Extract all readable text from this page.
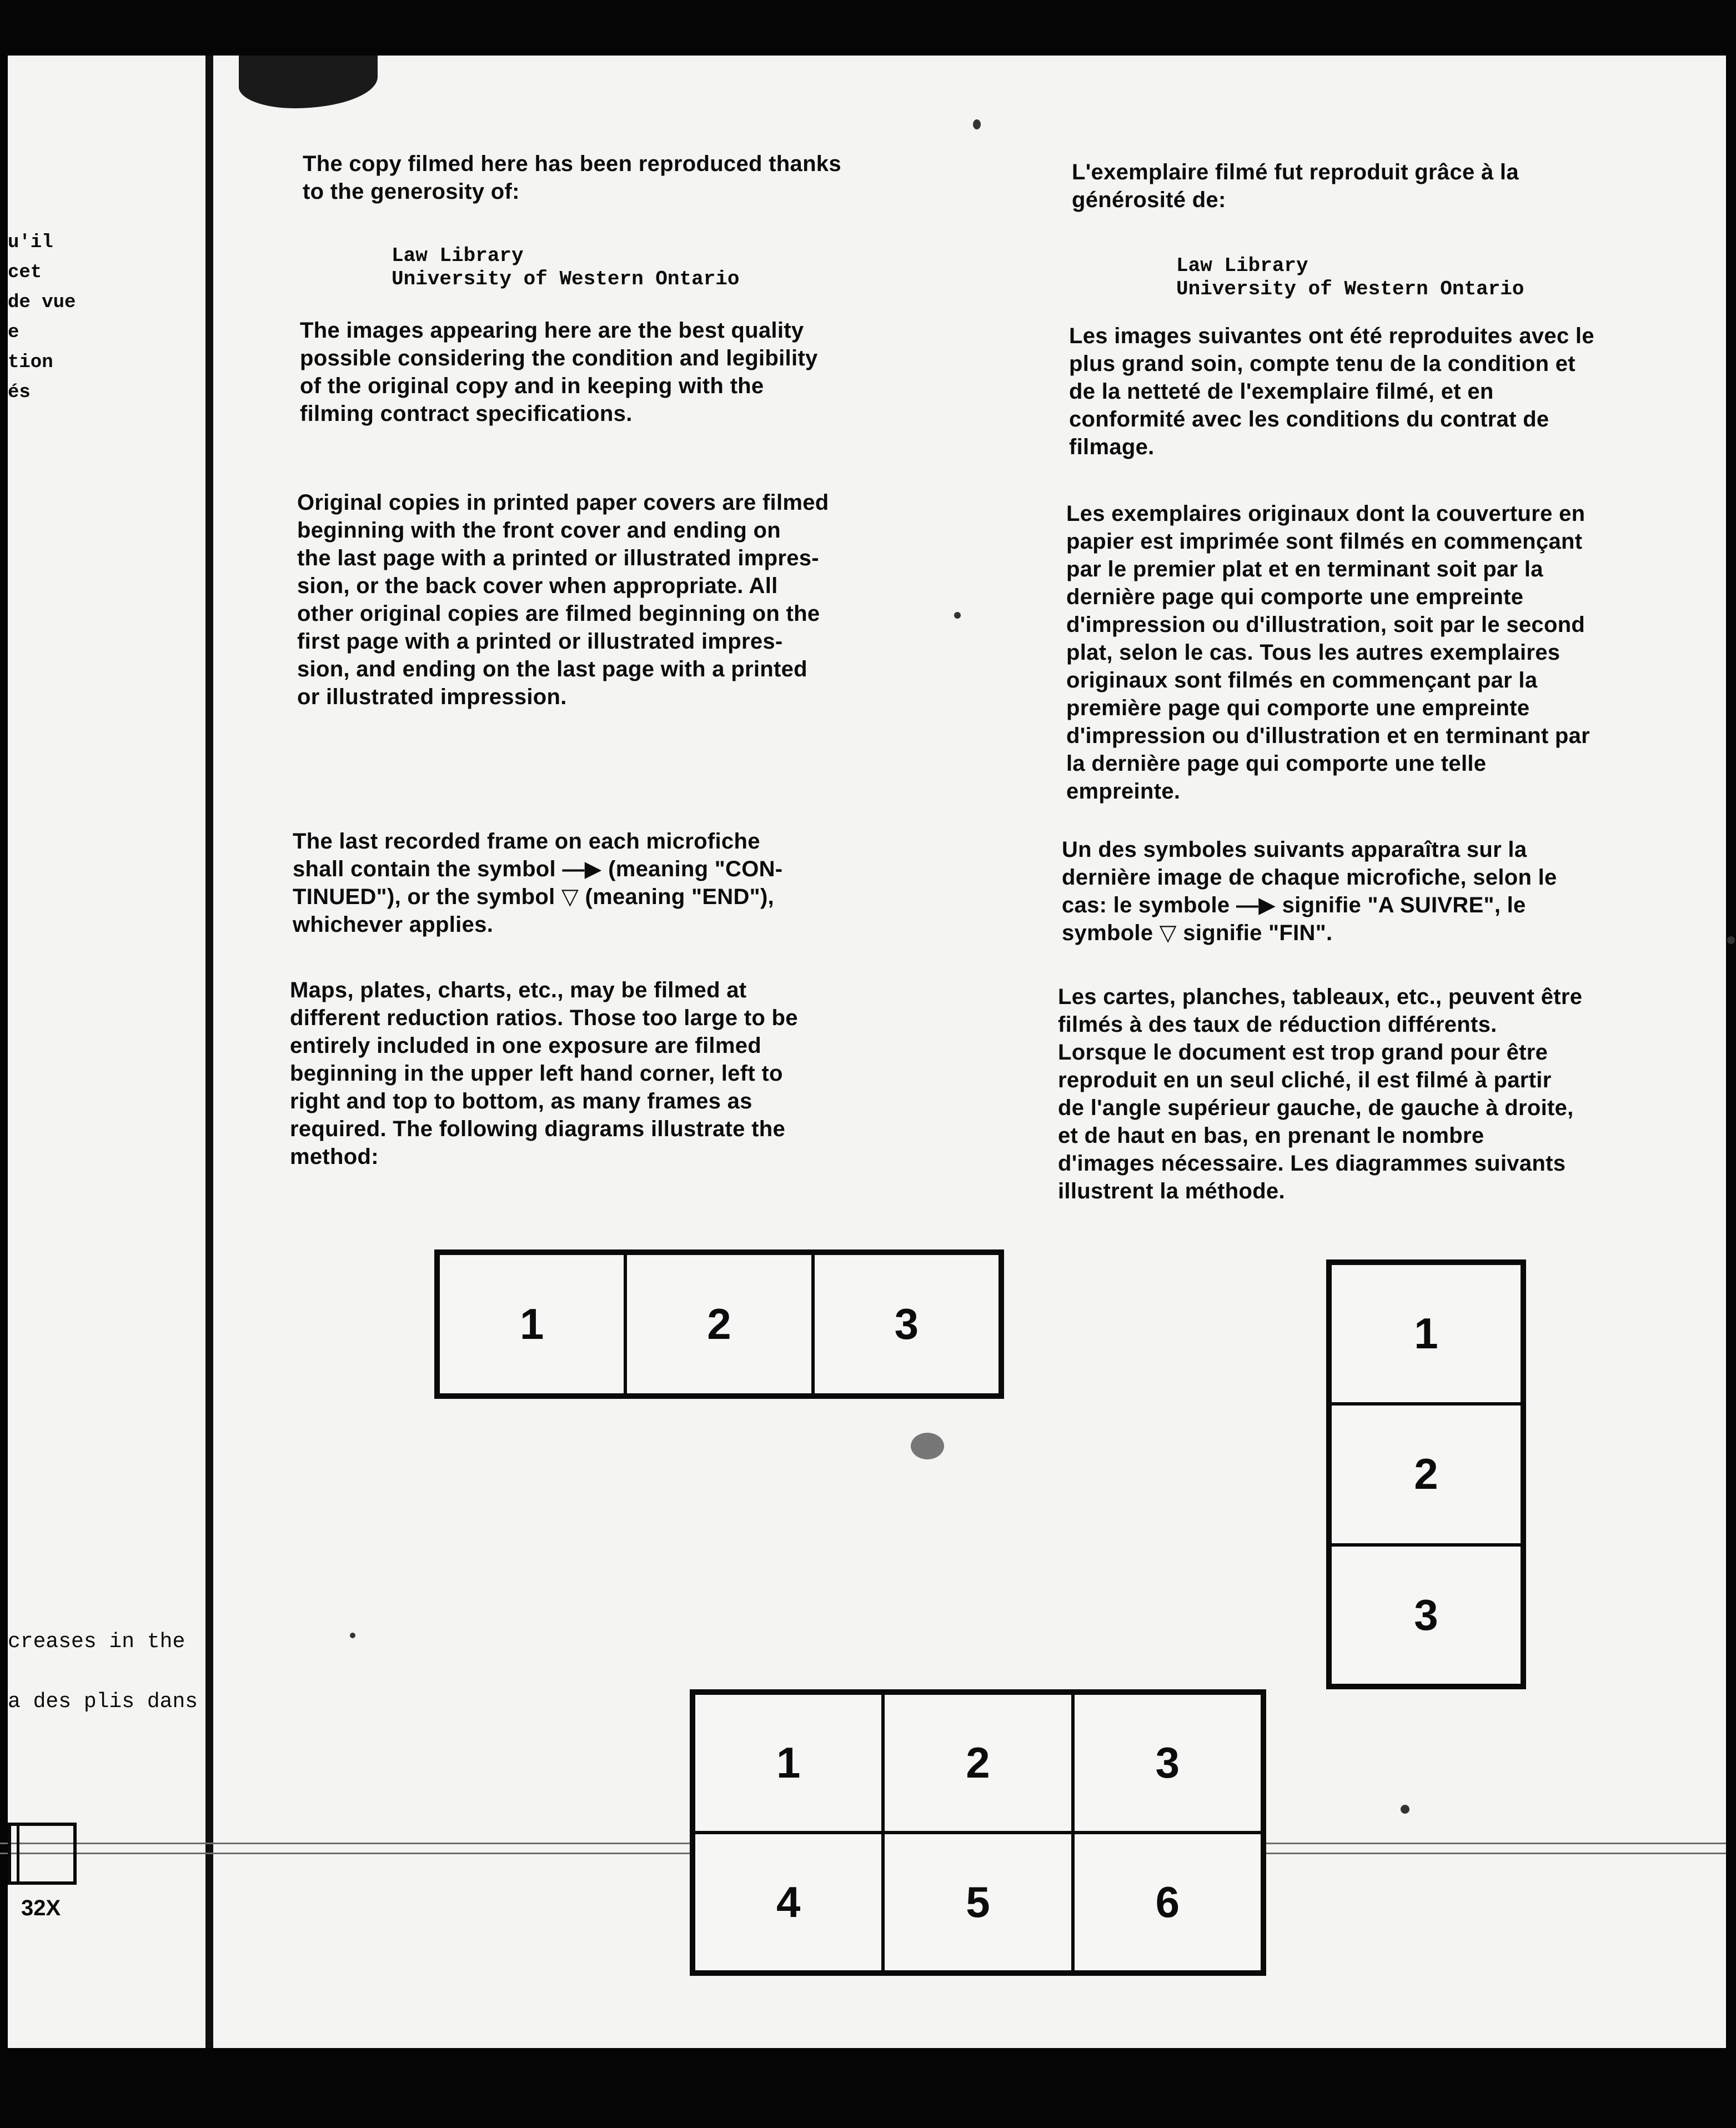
u'il
cet
de vue
e
tion
és

creases in the

a des plis dans

32X

The copy filmed here has been reproduced thanks
to the generosity of:

Law Library
University of Western Ontario

The images appearing here are the best quality
possible considering the condition and legibility
of the original copy and in keeping with the
filming contract specifications.

Original copies in printed paper covers are filmed
beginning with the front cover and ending on
the last page with a printed or illustrated impres-
sion, or the back cover when appropriate. All
other original copies are filmed beginning on the
first page with a printed or illustrated impres-
sion, and ending on the last page with a printed
or illustrated impression.

The last recorded frame on each microfiche
shall contain the symbol —▶ (meaning "CON-
TINUED"), or the symbol ▽ (meaning "END"),
whichever applies.

Maps, plates, charts, etc., may be filmed at
different reduction ratios. Those too large to be
entirely included in one exposure are filmed
beginning in the upper left hand corner, left to
right and top to bottom, as many frames as
required. The following diagrams illustrate the
method:

L'exemplaire filmé fut reproduit grâce à la
générosité de:

Law Library
University of Western Ontario

Les images suivantes ont été reproduites avec le
plus grand soin, compte tenu de la condition et
de la netteté de l'exemplaire filmé, et en
conformité avec les conditions du contrat de
filmage.

Les exemplaires originaux dont la couverture en
papier est imprimée sont filmés en commençant
par le premier plat et en terminant soit par la
dernière page qui comporte une empreinte
d'impression ou d'illustration, soit par le second
plat, selon le cas. Tous les autres exemplaires
originaux sont filmés en commençant par la
première page qui comporte une empreinte
d'impression ou d'illustration et en terminant par
la dernière page qui comporte une telle
empreinte.

Un des symboles suivants apparaîtra sur la
dernière image de chaque microfiche, selon le
cas: le symbole —▶ signifie "A SUIVRE", le
symbole ▽ signifie "FIN".

Les cartes, planches, tableaux, etc., peuvent être
filmés à des taux de réduction différents.
Lorsque le document est trop grand pour être
reproduit en un seul cliché, il est filmé à partir
de l'angle supérieur gauche, de gauche à droite,
et de haut en bas, en prenant le nombre
d'images nécessaire. Les diagrammes suivants
illustrent la méthode.

1	2	3	1
2
3
1	2	3
4	5	6
